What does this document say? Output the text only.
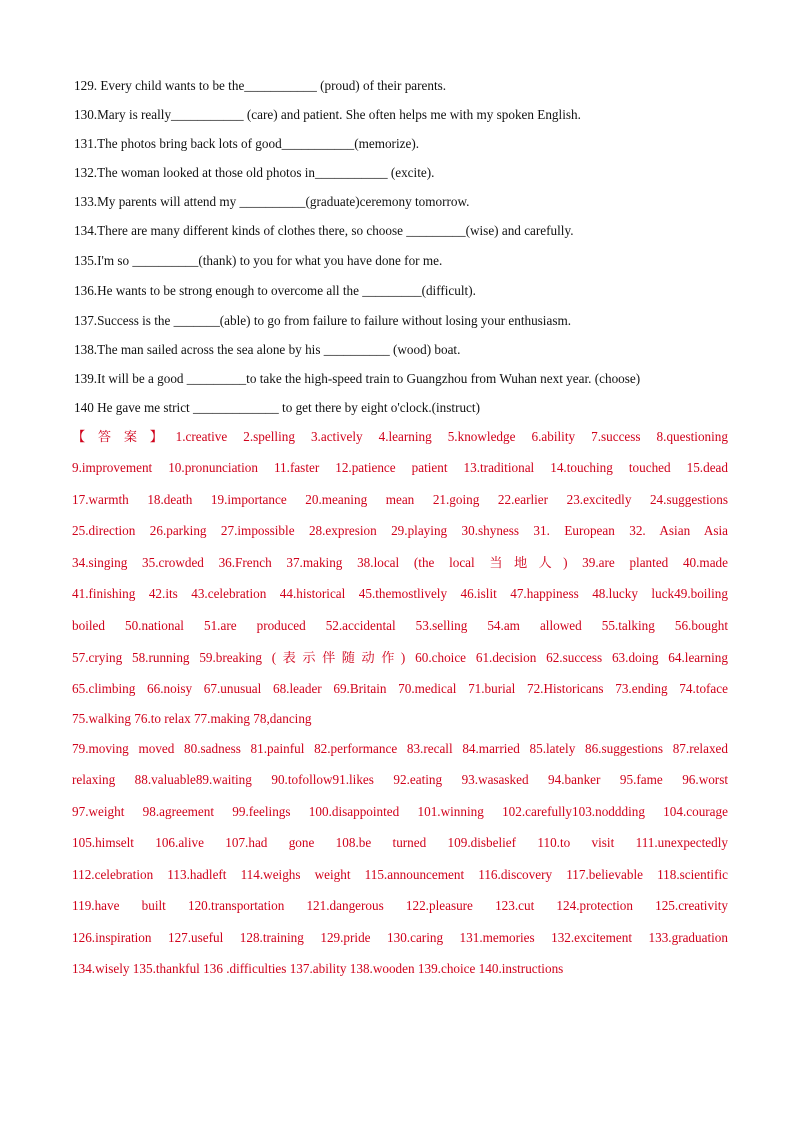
129. Every child wants to be the___________ (proud) of their parents.
130.Mary is really___________ (care) and patient. She often helps me with my spoken English.
131.The photos bring back lots of good___________(memorize).
132.The woman looked at those old photos in___________ (excite).
133.My parents will attend my __________(graduate)ceremony tomorrow.
134.There are many different kinds of clothes there, so choose _________(wise) and carefully.
135.I'm so __________(thank) to you for what you have done for me.
136.He wants to be strong enough to overcome all the _________(difficult).
137.Success is the _______(able) to go from failure to failure without losing your enthusiasm.
138.The man sailed across the sea alone by his __________ (wood) boat.
139.It will be a good _________to take the high-speed train to Guangzhou from Wuhan next year. (choose)
140 He gave me strict _____________ to get there by eight o'clock.(instruct)
【答案】1.creative 2.spelling 3.actively 4.learning 5.knowledge 6.ability 7.success 8.questioning
9.improvement 10.pronunciation 11.faster 12.patience patient 13.traditional 14.touching touched 15.dead
17.warmth 18.death 19.importance 20.meaning mean 21.going 22.earlier 23.excitedly 24.suggestions
25.direction 26.parking 27.impossible 28.expresion 29.playing 30.shyness 31. European 32. Asian Asia
34.singing 35.crowded 36.French 37.making 38.local (the local 当地人) 39.are planted 40.made
41.finishing 42.its 43.celebration 44.historical 45.themostlively 46.islit 47.happiness 48.lucky luck49.boiling
boiled 50.national 51.are produced 52.accidental 53.selling 54.am allowed 55.talking 56.bought
57.crying 58.running 59.breaking (表示伴随动作) 60.choice 61.decision 62.success 63.doing 64.learning
65.climbing 66.noisy 67.unusual 68.leader 69.Britain 70.medical 71.burial 72.Historicans 73.ending 74.toface
75.walking 76.to relax 77.making 78,dancing
79.moving moved 80.sadness 81.painful 82.performance 83.recall 84.married 85.lately 86.suggestions 87.relaxed
relaxing 88.valuable89.waiting 90.tofollow91.likes 92.eating 93.wasasked 94.banker 95.fame 96.worst
97.weight 98.agreement 99.feelings 100.disappointed 101.winning 102.carefully103.noddding 104.courage
105.himselt 106.alive 107.had gone 108.be turned 109.disbelief 110.to visit 111.unexpectedly
112.celebration 113.hadleft 114.weighs weight 115.announcement 116.discovery 117.believable 118.scientific
119.have built 120.transportation 121.dangerous 122.pleasure 123.cut 124.protection 125.creativity
126.inspiration 127.useful 128.training 129.pride 130.caring 131.memories 132.excitement 133.graduation
134.wisely 135.thankful 136 .difficulties 137.ability 138.wooden 139.choice 140.instructions
